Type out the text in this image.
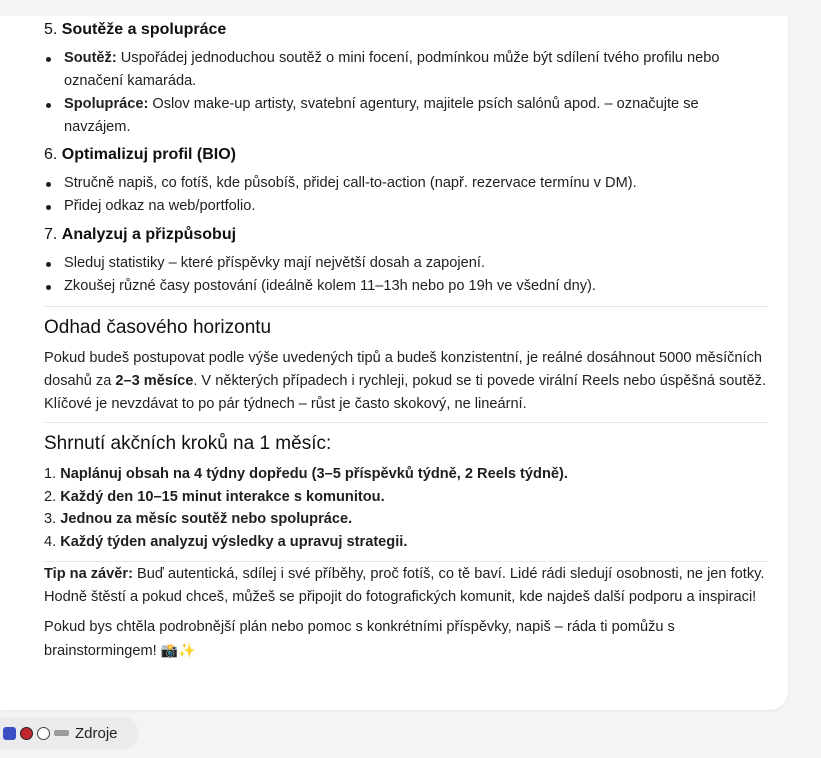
5. Soutěže a spolupráce
Soutěž: Uspořádej jednoduchou soutěž o mini focení, podmínkou může být sdílení tvého profilu nebo označení kamaráda.
Spolupráce: Oslov make-up artisty, svatební agentury, majitele psích salónů apod. – označujte se navzájem.
6. Optimalizuj profil (BIO)
Stručně napiš, co fotíš, kde působíš, přidej call-to-action (např. rezervace termínu v DM).
Přidej odkaz na web/portfolio.
7. Analyzuj a přizpůsobuj
Sleduj statistiky – které příspěvky mají největší dosah a zapojení.
Zkoušej různé časy postování (ideálně kolem 11–13h nebo po 19h ve všední dny).
Odhad časového horizontu

Pokud budeš postupovat podle výše uvedených tipů a budeš konzistentní, je reálné dosáhnout 5000 měsíčních dosahů za 2–3 měsíce. V některých případech i rychleji, pokud se ti povede virální Reels nebo úspěšná soutěž. Klíčové je nevzdávat to po pár týdnech – růst je často skokový, ne lineární.

Shrnutí akčních kroků na 1 měsíc:
1. Naplánuj obsah na 4 týdny dopředu (3–5 příspěvků týdně, 2 Reels týdně).
2. Každý den 10–15 minut interakce s komunitou.
3. Jednou za měsíc soutěž nebo spolupráce.
4. Každý týden analyzuj výsledky a upravuj strategii.

Tip na závěr: Buď autentická, sdílej i své příběhy, proč fotíš, co tě baví. Lidé rádi sledují osobnosti, ne jen fotky. Hodně štěstí a pokud chceš, můžeš se připojit do fotografických komunit, kde najdeš další podporu a inspiraci!

Pokud bys chtěla podrobnější plán nebo pomoc s konkrétními příspěvky, napiš – ráda ti pomůžu s brainstormingem! 📸✨

Zdroje
